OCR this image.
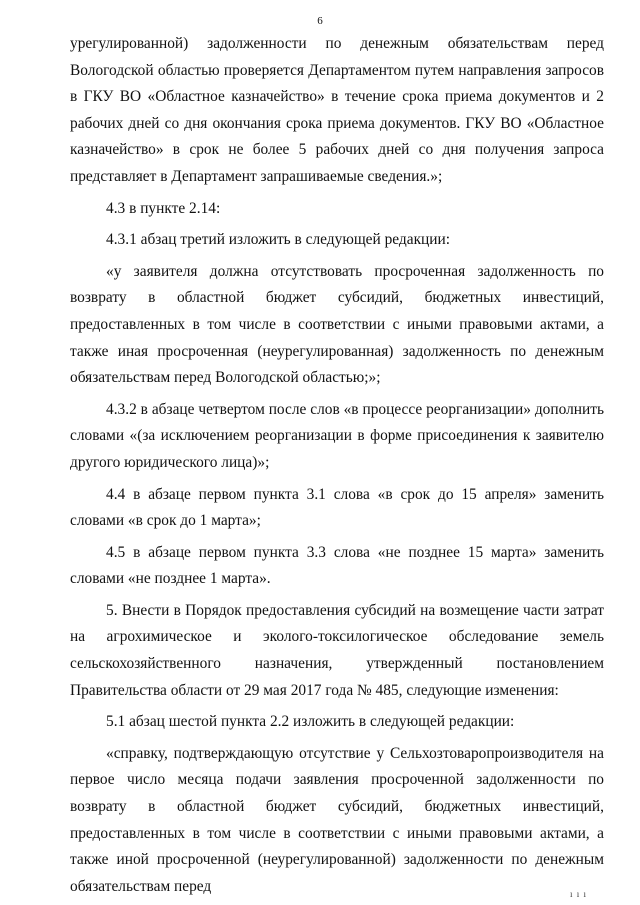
6

урегулированной) задолженности по денежным обязательствам перед Вологодской областью проверяется Департаментом путем направления запросов в ГКУ ВО «Областное казначейство» в течение срока приема документов и 2 рабочих дней со дня окончания срока приема документов. ГКУ ВО «Областное казначейство» в срок не более 5 рабочих дней со дня получения запроса представляет в Департамент запрашиваемые сведения.»;

4.3 в пункте 2.14:

4.3.1 абзац третий изложить в следующей редакции:

«у заявителя должна отсутствовать просроченная задолженность по возврату в областной бюджет субсидий, бюджетных инвестиций, предоставленных в том числе в соответствии с иными правовыми актами, а также иная просроченная (неурегулированная) задолженность по денежным обязательствам перед Вологодской областью;»;

4.3.2 в абзаце четвертом после слов «в процессе реорганизации» дополнить словами «(за исключением реорганизации в форме присоединения к заявителю другого юридического лица)»;

4.4 в абзаце первом пункта 3.1 слова «в срок до 15 апреля» заменить словами «в срок до 1 марта»;

4.5 в абзаце первом пункта 3.3 слова «не позднее 15 марта» заменить словами «не позднее 1 марта».

5. Внести в Порядок предоставления субсидий на возмещение части затрат на агрохимическое и эколого-токсилогическое обследование земель сельскохозяйственного назначения, утвержденный постановлением Правительства области от 29 мая 2017 года № 485, следующие изменения:

5.1 абзац шестой пункта 2.2 изложить в следующей редакции:

«справку, подтверждающую отсутствие у Сельхозтоваропроизводителя на первое число месяца подачи заявления просроченной задолженности по возврату в областной бюджет субсидий, бюджетных инвестиций, предоставленных в том числе в соответствии с иными правовыми актами, а также иной просроченной (неурегулированной) задолженности по денежным обязательствам перед	ı ı ı
